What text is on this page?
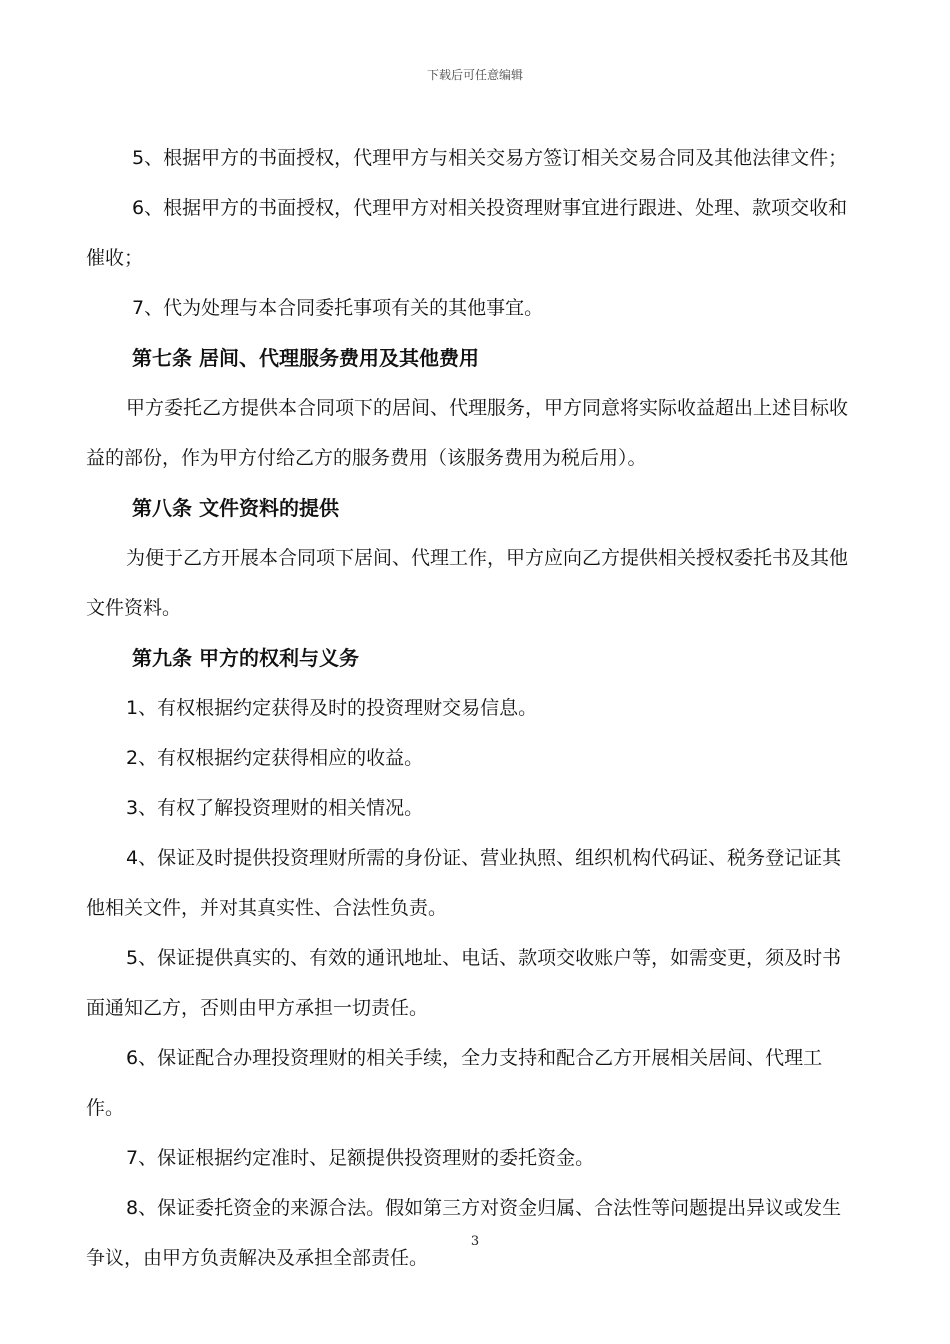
下载后可任意编辑

5、根据甲方的书面授权，代理甲方与相关交易方签订相关交易合同及其他法律文件；

6、根据甲方的书面授权，代理甲方对相关投资理财事宜进行跟进、处理、款项交收和催收；

7、代为处理与本合同委托事项有关的其他事宜。

第七条 居间、代理服务费用及其他费用

甲方委托乙方提供本合同项下的居间、代理服务，甲方同意将实际收益超出上述目标收益的部份，作为甲方付给乙方的服务费用（该服务费用为税后用）。

第八条 文件资料的提供

为便于乙方开展本合同项下居间、代理工作，甲方应向乙方提供相关授权委托书及其他文件资料。

第九条 甲方的权利与义务

1、有权根据约定获得及时的投资理财交易信息。

2、有权根据约定获得相应的收益。

3、有权了解投资理财的相关情况。

4、保证及时提供投资理财所需的身份证、营业执照、组织机构代码证、税务登记证其他相关文件，并对其真实性、合法性负责。

5、保证提供真实的、有效的通讯地址、电话、款项交收账户等，如需变更，须及时书面通知乙方，否则由甲方承担一切责任。

6、保证配合办理投资理财的相关手续，全力支持和配合乙方开展相关居间、代理工作。

7、保证根据约定准时、足额提供投资理财的委托资金。

8、保证委托资金的来源合法。假如第三方对资金归属、合法性等问题提出异议或发生争议，由甲方负责解决及承担全部责任。

3
